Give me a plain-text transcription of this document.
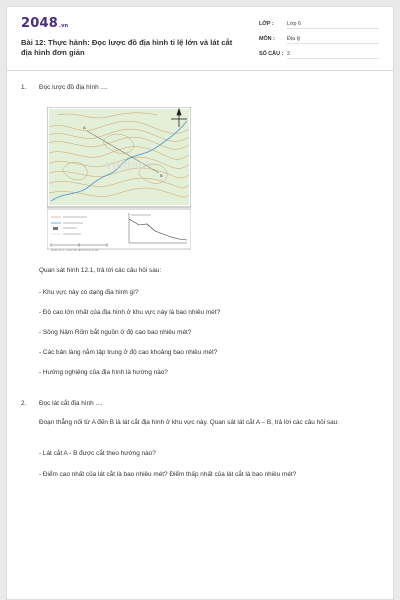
2048.vn
Bài 12: Thực hành: Đọc lược đồ địa hình tỉ lệ lớn và lát cắt địa hình đơn giản
LỚP :	Lớp 6
MÔN :	Địa lý
SỐ CÂU : 2
1. Đọc lược đồ địa hình ....
A
B
vietjack
Hình 12.1. Lược đồ địa hình tỉ lệ lớn
Quan sát hình 12.1, trả lời các câu hỏi sau:
- Khu vực này có dạng địa hình gì?
- Độ cao lớn nhất của địa hình ở khu vực này là bao nhiêu mét?
- Sông Nậm Rốm bắt nguồn ở độ cao bao nhiêu mét?
- Các bản làng nằm tập trung ở độ cao khoảng bao nhiêu mét?
- Hướng nghiêng của địa hình là hướng nào?
2. Đọc lát cắt địa hình ....
Đoạn thẳng nối từ A đến B là lát cắt địa hình ở khu vực này. Quan sát lát cắt A – B, trả lời các câu hỏi sau:
- Lát cắt A - B được cắt theo hướng nào?
- Điểm cao nhất của lát cắt là bao nhiêu mét? Điểm thấp nhất của lát cắt là bao nhiêu mét?
